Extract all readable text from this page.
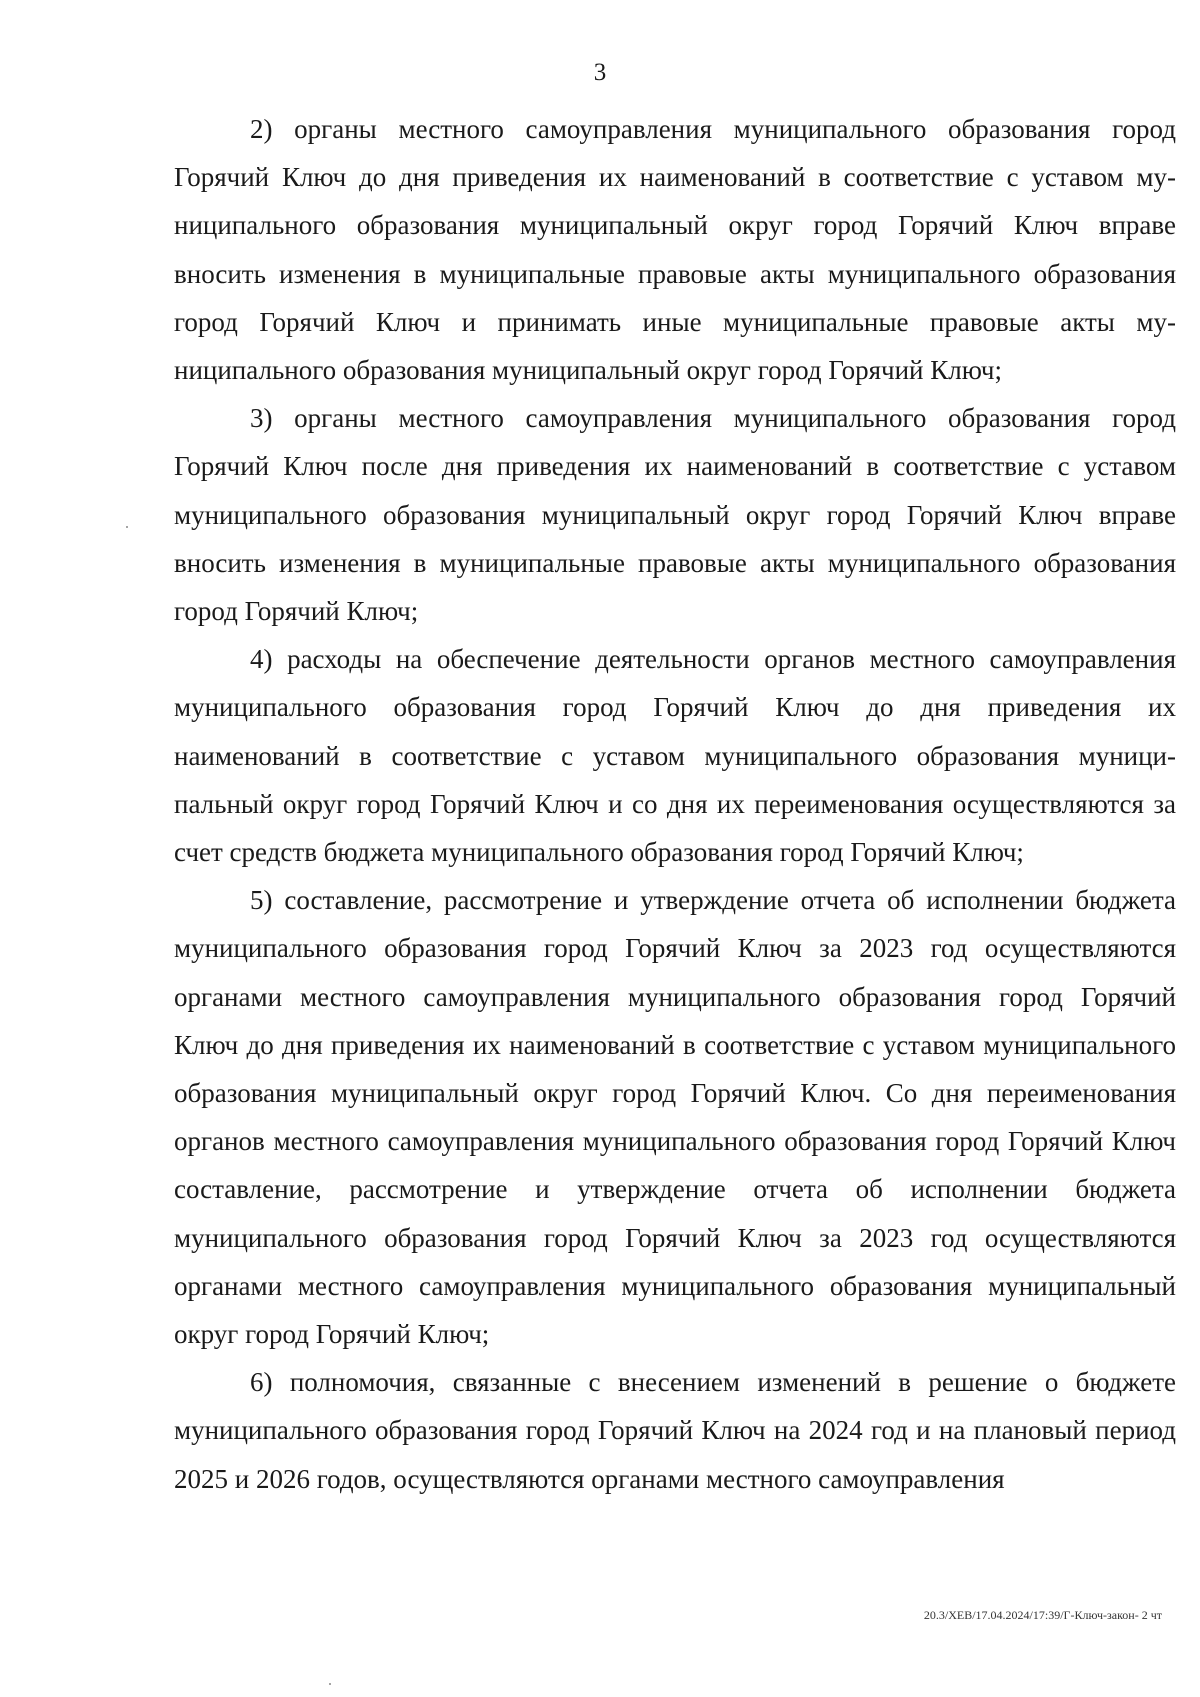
3

2) органы местного самоуправления муниципального образования город Горячий Ключ до дня приведения их наименований в соответствие с уставом муниципального образования муниципальный округ город Горячий Ключ вправе вносить изменения в муниципальные правовые акты муниципального образования город Горячий Ключ и принимать иные муниципальные правовые акты муниципального образования муниципальный округ город Горячий Ключ;

3) органы местного самоуправления муниципального образования город Горячий Ключ после дня приведения их наименований в соответствие с уставом муниципального образования муниципальный округ город Горячий Ключ вправе вносить изменения в муниципальные правовые акты муниципального образования город Горячий Ключ;

4) расходы на обеспечение деятельности органов местного самоуправления муниципального образования город Горячий Ключ до дня приведения их наименований в соответствие с уставом муниципального образования муниципальный округ город Горячий Ключ и со дня их переименования осуществляются за счет средств бюджета муниципального образования город Горячий Ключ;

5) составление, рассмотрение и утверждение отчета об исполнении бюджета муниципального образования город Горячий Ключ за 2023 год осуществляются органами местного самоуправления муниципального образования город Горячий Ключ до дня приведения их наименований в соответствие с уставом муниципального образования муниципальный округ город Горячий Ключ. Со дня переименования органов местного самоуправления муниципального образования город Горячий Ключ составление, рассмотрение и утверждение отчета об исполнении бюджета муниципального образования город Горячий Ключ за 2023 год осуществляются органами местного самоуправления муниципального образования муниципальный округ город Горячий Ключ;

6) полномочия, связанные с внесением изменений в решение о бюджете муниципального образования город Горячий Ключ на 2024 год и на плановый период 2025 и 2026 годов, осуществляются органами местного самоуправления

20.3/ХЕВ/17.04.2024/17:39/Г-Ключ-закон- 2 чт
